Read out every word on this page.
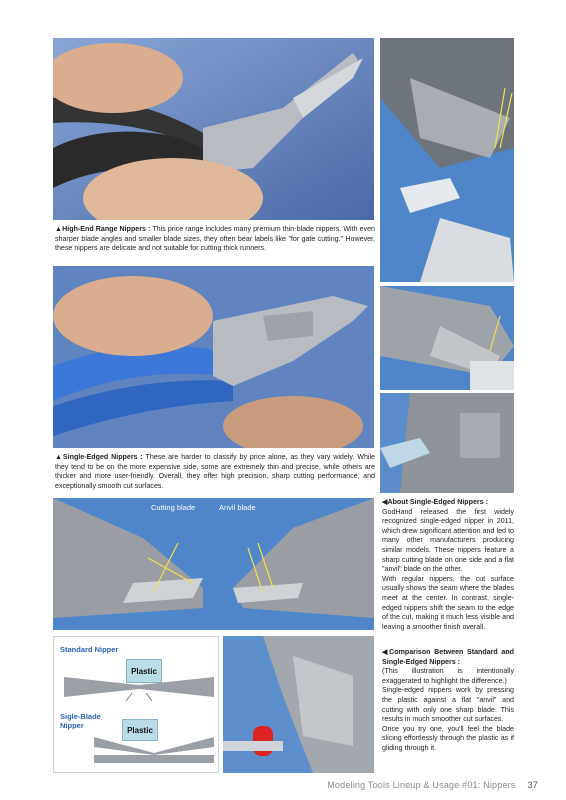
▲High-End Range Nippers : This price range includes many premium thin-blade nippers. With even sharper blade angles and smaller blade sizes, they often bear labels like "for gate cutting." However, these nippers are delicate and not suitable for cutting thick runners.
▲Single-Edged Nippers : These are harder to classify by price alone, as they vary widely. While they tend to be on the more expensive side, some are extremely thin and precise, while others are thicker and more user-friendly. Overall, they offer high precision, sharp cutting performance, and exceptionally smooth cut surfaces.
Cutting blade	Anvil blade
Standard Nipper
Plastic
Sigle-Blade
Nipper	Plastic

◀About Single-Edged Nippers :

GodHand released the first widely recognized single-edged nipper in 2011, which drew significant attention and led to many other manufacturers producing similar models. These nippers feature a sharp cutting blade on one side and a flat "anvil" blade on the other.

With regular nippers, the cut surface usually shows the seam where the blades meet at the center. In contrast, single-edged nippers shift the seam to the edge of the cut, making it much less visible and leaving a smoother finish overall.

◀Comparison Between Standard and Single-Edged Nippers :

(This illustration is intentionally exaggerated to highlight the difference.)

Single-edged nippers work by pressing the plastic against a flat "anvil" and cutting with only one sharp blade. This results in much smoother cut surfaces.

Once you try one, you'll feel the blade slicing effortlessly through the plastic as if gliding through it.

Modeling Tools Lineup & Usage #01: Nippers 37
